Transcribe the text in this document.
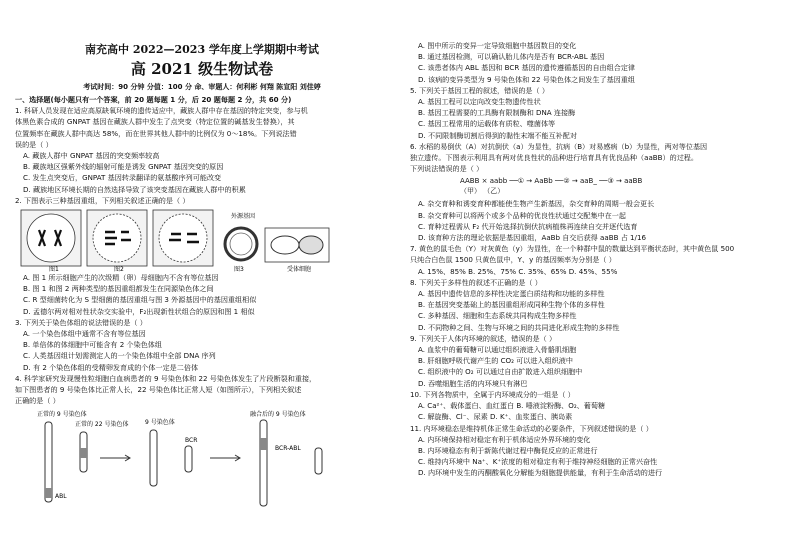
南充高中 2022—2023 学年度上学期期中考试
高 2021 级生物试卷
考试时间：90 分钟 分值：100 分 命、审题人：何利彬 何翔 陈宣阳 刘佳婷

一、选择题(每小题只有一个答案，前 20 题每题 1 分，后 20 题每题 2 分，共 60 分)

1. 科研人员发现在适应高原缺氧环境的遗传适应中，藏族人群中存在基因的特定突变，参与机

体黑色素合成的 GNPAT 基因在藏族人群中发生了点突变（特定位置的碱基发生替换），其

位置频率在藏族人群中高达 58%，而在世界其他人群中的比例仅为 0～18%。下列说法错

误的是（ ）

A. 藏族人群中 GNPAT 基因的突变频率较高

B. 藏族地区强紫外线的辐射可能是诱发 GNPAT 基因突变的原因

C. 发生点突变后，GNPAT 基因转录翻译的氨基酸序列可能改变

D. 藏族地区环境长期的自然选择导致了该突变基因在藏族人群中的积累

2. 下图表示三种基因重组，下列相关叙述正确的是（ ）

外源基因
图1	图2	图3	受体细胞

A. 图 1 所示细胞产生的次级精（卵）母细胞内不含有等位基因

B. 图 1 和图 2 两种类型的基因重组都发生在同源染色体之间

C. R 型细菌转化为 S 型细菌的基因重组与图 3 外源基因中的基因重组相似

D. 孟德尔两对相对性状杂交实验中，F₂出现新性状组合的原因和图 1 相似

3. 下列关于染色体组的说法错误的是（ ）

A. 一个染色体组中通常不含有等位基因

B. 单倍体的体细胞中可能含有 2 个染色体组

C. 人类基因组计划需测定人的一个染色体组中全部 DNA 序列

D. 有 2 个染色体组的受精卵发育成的个体一定是二倍体

4. 科学家研究发现慢性粒细胞白血病患者的 9 号染色体和 22 号染色体发生了片段断裂和重接，

如下图患者的 9 号染色体比正常人长，22 号染色体比正常人短（如图所示），下列相关叙述

正确的是（ ）

正常的 9 号染色体
正常的 22 号染色体
ABL
9 号染色体
BCR
融合后的 9 号染色体
BCR-ABL

A. 图中所示的变异一定导致细胞中基因数目的变化

B. 通过基因检测，可以确认胎儿体内是否有 BCR-ABL 基因

C. 该患者体内 ABL 基因和 BCR 基因的遗传遵循基因的自由组合定律

D. 该病的变异类型为 9 号染色体和 22 号染色体之间发生了基因重组

5. 下列关于基因工程的叙述，错误的是（ ）

A. 基因工程可以定向改变生物遗传性状

B. 基因工程需要的工具酶有限制酶和 DNA 连接酶

C. 基因工程常用的运载体有质粒、噬菌体等

D. 不同限制酶切割后得到的黏性末端不能互补配对

6. 水稻的易倒伏（A）对抗倒伏（a）为显性，抗病（B）对易感病（b）为显性，两对等位基因

独立遗传。下图表示利用具有两对优良性状的品种进行培育具有优良品种（aaBB）的过程。

下列说法错误的是（ ）

AABB × aabb ──① → AaBb ──② → aaB_ ──③ → aaBB
（甲） （乙）

A. 杂交育种和诱变育种都能使生物产生新基因，杂交育种的周期一般会更长

B. 杂交育种可以将两个或多个品种的优良性状通过交配集中在一起

C. 育种过程需从 F₂ 代开始选择抗倒伏抗病植株再连续自交并逐代选育

D. 该育种方法的理论依据是基因重组，AaBb 自交后获得 aaBB 占 1/16

7. 黄色的鼠毛色（Y）对灰黄色（y）为显性，在一个种群中鼠的数量达到平衡状态时，其中黄色鼠 500

只纯合白色鼠 1500 只黄色鼠中，Y、y 的基因频率为分别是（ ）

A. 15%、85% B. 25%、75% C. 35%、65% D. 45%、55%

8. 下列关于多样性的叙述不正确的是（ ）

A. 基因中遗传信息的多样性决定蛋白质结构和功能的多样性

B. 在基因突变基础上的基因重组形成同种生物个体的多样性

C. 多种基因、细胞和生态系统共同构成生物多样性

D. 不同物种之间、生物与环境之间的共同进化形成生物的多样性

9. 下列关于人体内环境的叙述，错误的是（ ）

A. 血浆中的葡萄糖可以通过组织液进入骨骼肌细胞

B. 肝细胞呼吸代谢产生的 CO₂ 可以进入组织液中

C. 组织液中的 O₂ 可以通过自由扩散进入组织细胞中

D. 吞噬细胞生活的内环境只有淋巴

10. 下列各物质中，全属于内环境成分的一组是（ ）

A. Ca²⁺、载体蛋白、血红蛋白 B. 唾液淀粉酶、O₂、葡萄糖

C. 解旋酶、Cl⁻、尿素 D. K⁺、血浆蛋白、胰岛素

11. 内环境稳态是维持机体正常生命活动的必要条件，下列叙述错误的是（ ）

A. 内环境保持相对稳定有利于机体适应外界环境的变化

B. 内环境稳态有利于新陈代谢过程中酶促反应的正常进行

C. 维持内环境中 Na⁺、K⁺浓度的相对稳定有利于维持神经细胞的正常兴奋性

D. 内环境中发生的丙酮酸氧化分解能为细胞提供能量，有利于生命活动的进行
